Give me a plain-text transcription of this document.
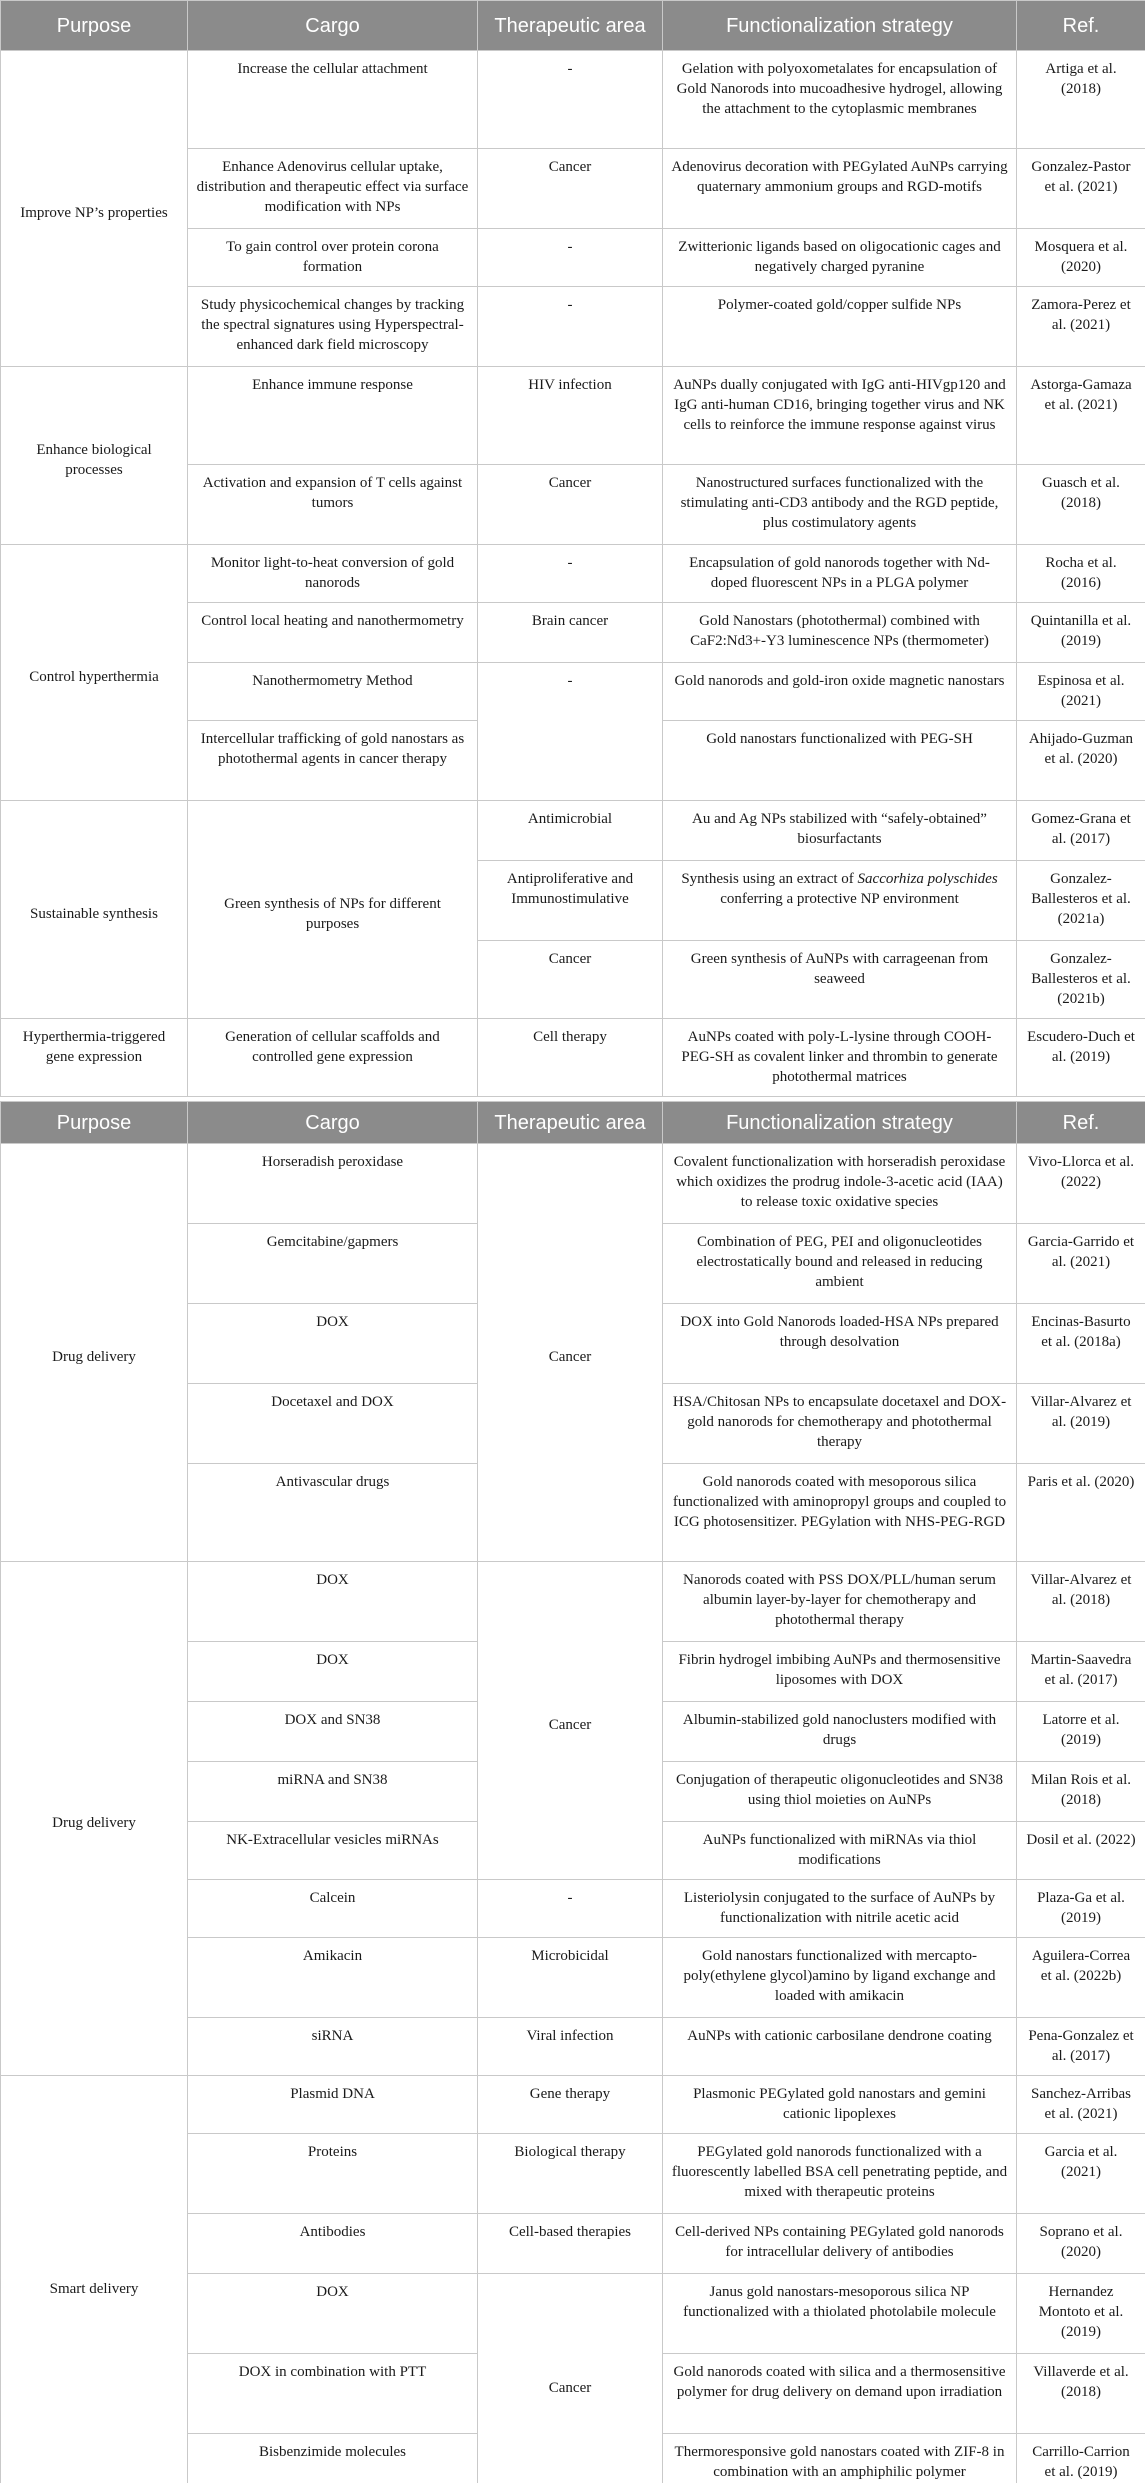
Purpose	Cargo	Therapeutic area	Functionalization strategy	Ref.
Improve NP’s properties	Increase the cellular attachment	-	Gelation with polyoxometalates for encapsulation of Gold Nanorods into mucoadhesive hydrogel, allowing the attachment to the cytoplasmic membranes	Artiga et al. (2018)
	Enhance Adenovirus cellular uptake, distribution and therapeutic effect via surface modification with NPs	Cancer	Adenovirus decoration with PEGylated AuNPs carrying quaternary ammonium groups and RGD-motifs	Gonzalez-Pastor et al. (2021)
	To gain control over protein corona formation	-	Zwitterionic ligands based on oligocationic cages and negatively charged pyranine	Mosquera et al. (2020)
	Study physicochemical changes by tracking the spectral signatures using Hyperspectral-enhanced dark field microscopy	-	Polymer-coated gold/copper sulfide NPs	Zamora-Perez et al. (2021)
Enhance biological processes	Enhance immune response	HIV infection	AuNPs dually conjugated with IgG anti-HIVgp120 and IgG anti-human CD16, bringing together virus and NK cells to reinforce the immune response against virus	Astorga-Gamaza et al. (2021)
	Activation and expansion of T cells against tumors	Cancer	Nanostructured surfaces functionalized with the stimulating anti-CD3 antibody and the RGD peptide, plus costimulatory agents	Guasch et al. (2018)
Control hyperthermia	Monitor light-to-heat conversion of gold nanorods	-	Encapsulation of gold nanorods together with Nd-doped fluorescent NPs in a PLGA polymer	Rocha et al. (2016)
	Control local heating and nanothermometry	Brain cancer	Gold Nanostars (photothermal) combined with CaF2:Nd3+-Y3 luminescence NPs (thermometer)	Quintanilla et al. (2019)
	Nanothermometry Method	-	Gold nanorods and gold-iron oxide magnetic nanostars	Espinosa et al. (2021)
	Intercellular trafficking of gold nanostars as photothermal agents in cancer therapy		Gold nanostars functionalized with PEG-SH	Ahijado-Guzman et al. (2020)
Sustainable synthesis	Green synthesis of NPs for different purposes	Antimicrobial	Au and Ag NPs stabilized with “safely-obtained” biosurfactants	Gomez-Grana et al. (2017)
		Antiproliferative and Immunostimulative	Synthesis using an extract of Saccorhiza polyschides conferring a protective NP environment	Gonzalez-Ballesteros et al. (2021a)
		Cancer	Green synthesis of AuNPs with carrageenan from seaweed	Gonzalez-Ballesteros et al. (2021b)
Hyperthermia-triggered gene expression	Generation of cellular scaffolds and controlled gene expression	Cell therapy	AuNPs coated with poly-L-lysine through COOH-PEG-SH as covalent linker and thrombin to generate photothermal matrices	Escudero-Duch et al. (2019)
Purpose	Cargo	Therapeutic area	Functionalization strategy	Ref.
Drug delivery	Horseradish peroxidase	Cancer	Covalent functionalization with horseradish peroxidase which oxidizes the prodrug indole-3-acetic acid (IAA) to release toxic oxidative species	Vivo-Llorca et al. (2022)
	Gemcitabine/gapmers		Combination of PEG, PEI and oligonucleotides electrostatically bound and released in reducing ambient	Garcia-Garrido et al. (2021)
	DOX		DOX into Gold Nanorods loaded-HSA NPs prepared through desolvation	Encinas-Basurto et al. (2018a)
	Docetaxel and DOX		HSA/Chitosan NPs to encapsulate docetaxel and DOX-gold nanorods for chemotherapy and photothermal therapy	Villar-Alvarez et al. (2019)
	Antivascular drugs		Gold nanorods coated with mesoporous silica functionalized with aminopropyl groups and coupled to ICG photosensitizer. PEGylation with NHS-PEG-RGD	Paris et al. (2020)
Drug delivery	DOX	Cancer	Nanorods coated with PSS DOX/PLL/human serum albumin layer-by-layer for chemotherapy and photothermal therapy	Villar-Alvarez et al. (2018)
	DOX		Fibrin hydrogel imbibing AuNPs and thermosensitive liposomes with DOX	Martin-Saavedra et al. (2017)
	DOX and SN38		Albumin-stabilized gold nanoclusters modified with drugs	Latorre et al. (2019)
	miRNA and SN38		Conjugation of therapeutic oligonucleotides and SN38 using thiol moieties on AuNPs	Milan Rois et al. (2018)
	NK-Extracellular vesicles miRNAs		AuNPs functionalized with miRNAs via thiol modifications	Dosil et al. (2022)
	Calcein	-	Listeriolysin conjugated to the surface of AuNPs by functionalization with nitrile acetic acid	Plaza-Ga et al. (2019)
	Amikacin	Microbicidal	Gold nanostars functionalized with mercapto-poly(ethylene glycol)amino by ligand exchange and loaded with amikacin	Aguilera-Correa et al. (2022b)
	siRNA	Viral infection	AuNPs with cationic carbosilane dendrone coating	Pena-Gonzalez et al. (2017)
Smart delivery	Plasmid DNA	Gene therapy	Plasmonic PEGylated gold nanostars and gemini cationic lipoplexes	Sanchez-Arribas et al. (2021)
	Proteins	Biological therapy	PEGylated gold nanorods functionalized with a fluorescently labelled BSA cell penetrating peptide, and mixed with therapeutic proteins	Garcia et al. (2021)
	Antibodies	Cell-based therapies	Cell-derived NPs containing PEGylated gold nanorods for intracellular delivery of antibodies	Soprano et al. (2020)
	DOX	Cancer	Janus gold nanostars-mesoporous silica NP functionalized with a thiolated photolabile molecule	Hernandez Montoto et al. (2019)
	DOX in combination with PTT		Gold nanorods coated with silica and a thermosensitive polymer for drug delivery on demand upon irradiation	Villaverde et al. (2018)
	Bisbenzimide molecules		Thermoresponsive gold nanostars coated with ZIF-8 in combination with an amphiphilic polymer	Carrillo-Carrion et al. (2019)
